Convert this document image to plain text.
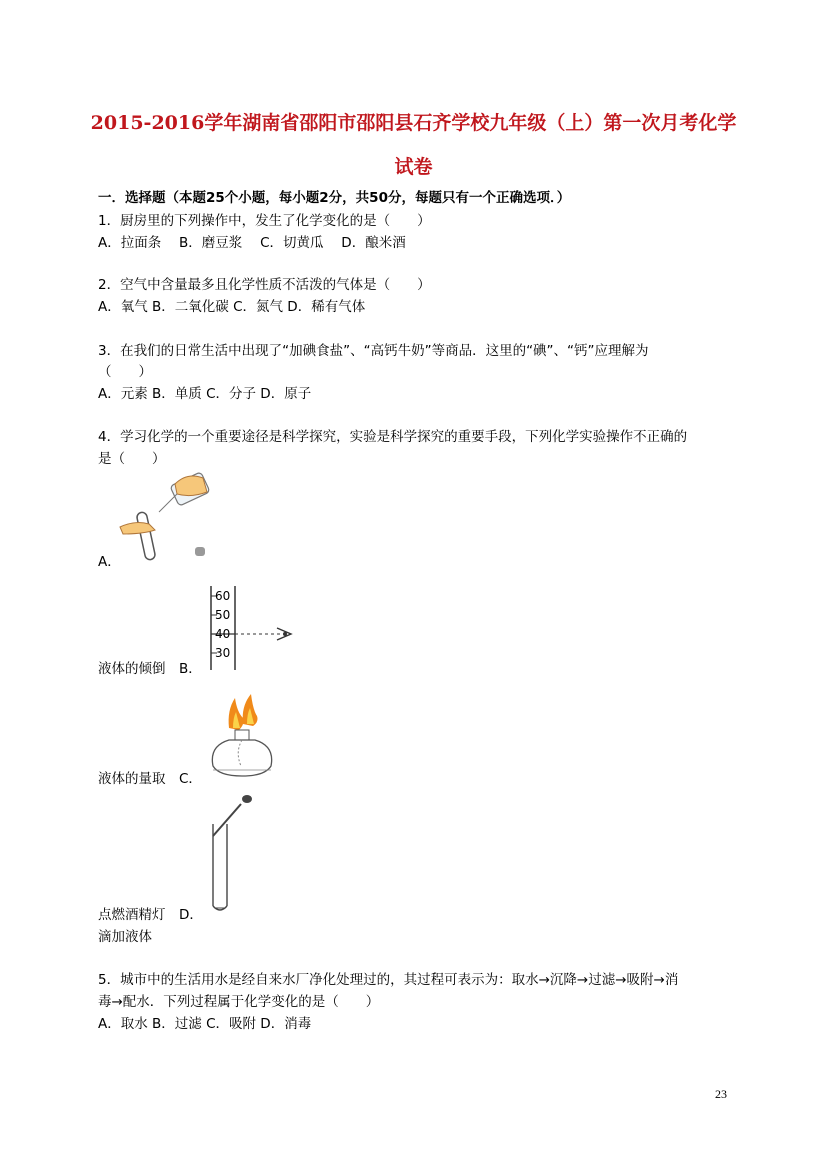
2015-2016学年湖南省邵阳市邵阳县石齐学校九年级（上）第一次月考化学
试卷
一．选择题（本题25个小题，每小题2分，共50分，每题只有一个正确选项．）
1．厨房里的下列操作中，发生了化学变化的是（　　）
A．拉面条　 B．磨豆浆　 C．切黄瓜　 D．酿米酒
2．空气中含量最多且化学性质不活泼的气体是（　　）
A．氧气 B．二氧化碳 C．氮气 D．稀有气体
3．在我们的日常生活中出现了“加碘食盐”、“高钙牛奶”等商品．这里的“碘”、“钙”应理解为
（　　）
A．元素 B．单质 C．分子 D．原子
4．学习化学的一个重要途径是科学探究，实验是科学探究的重要手段，下列化学实验操作不正确的
是（　　）
A．
60
50
40
30
液体的倾倒　B．
液体的量取　C．
点燃酒精灯　D．
滴加液体
5．城市中的生活用水是经自来水厂净化处理过的，其过程可表示为：取水→沉降→过滤→吸附→消
毒→配水．下列过程属于化学变化的是（　　）
A．取水 B．过滤 C．吸附 D．消毒
23
